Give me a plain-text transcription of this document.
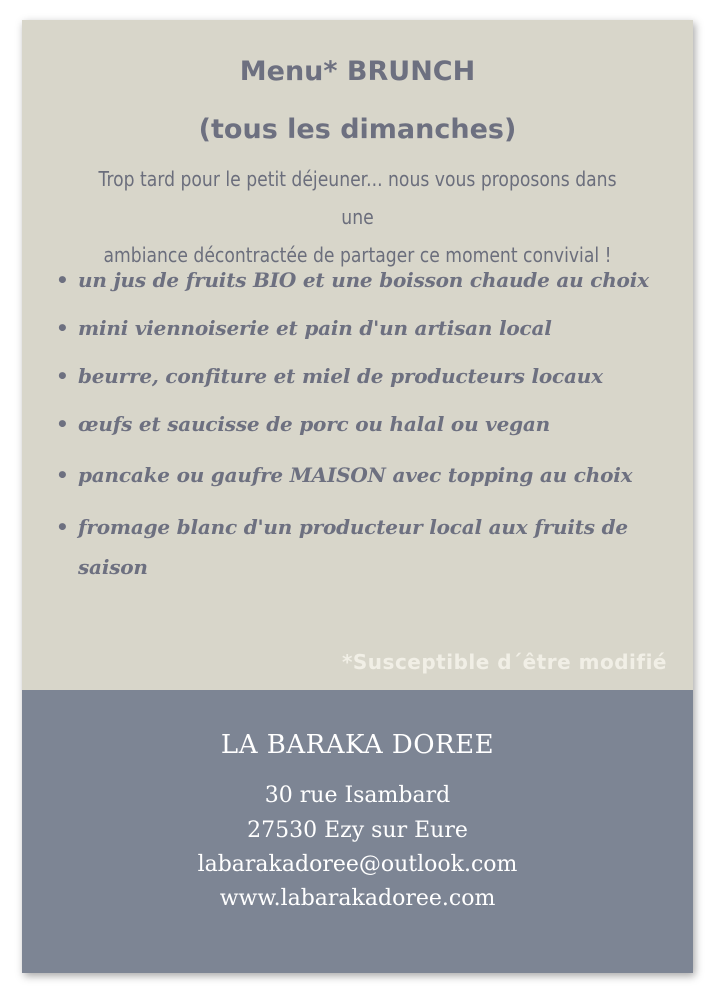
Menu* BRUNCH
(tous les dimanches)
Trop tard pour le petit déjeuner... nous vous proposons dans une
ambiance décontractée de partager ce moment convivial !
• un jus de fruits BIO et une boisson chaude au choix
• mini viennoiserie et pain d'un artisan local
• beurre, confiture et miel de producteurs locaux
• œufs et saucisse de porc ou halal ou vegan
• pancake ou gaufre MAISON avec topping au choix
• fromage blanc d'un producteur local aux fruits de saison
*Susceptible d´être modifié
LA BARAKA DOREE
30 rue Isambard
27530 Ezy sur Eure
labarakadoree@outlook.com
www.labarakadoree.com
